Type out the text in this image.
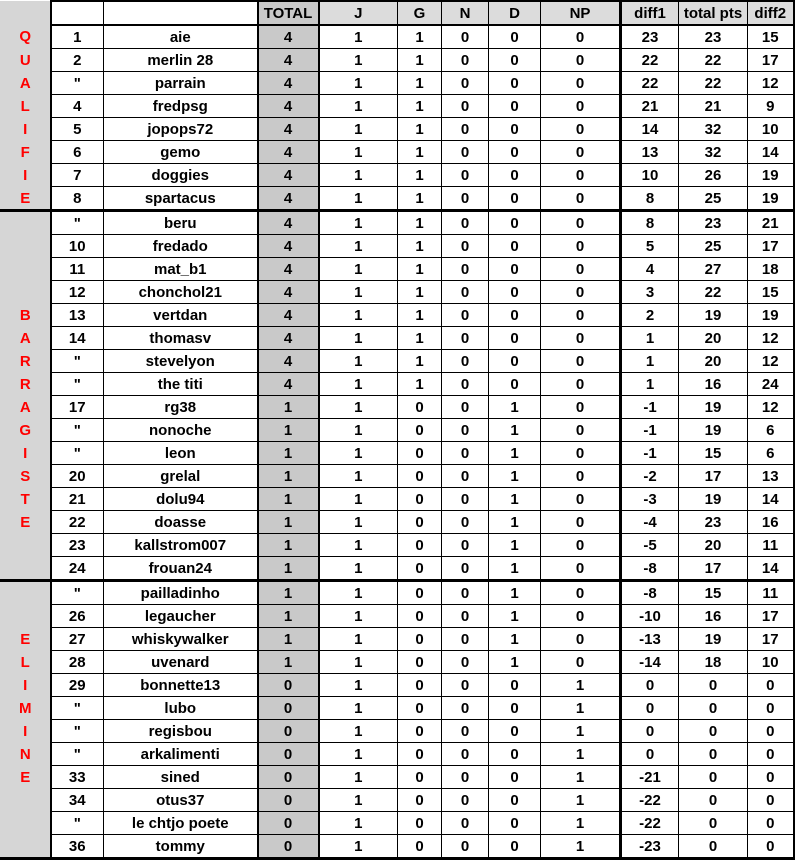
			TOTAL	J	G	N	D	NP	diff1	total pts	diff2
Q	1	aie	4	1	1	0	0	0	23	23	15
U	2	merlin 28	4	1	1	0	0	0	22	22	17
A	"	parrain	4	1	1	0	0	0	22	22	12
L	4	fredpsg	4	1	1	0	0	0	21	21	9
I	5	jopops72	4	1	1	0	0	0	14	32	10
F	6	gemo	4	1	1	0	0	0	13	32	14
I	7	doggies	4	1	1	0	0	0	10	26	19
E	8	spartacus	4	1	1	0	0	0	8	25	19
	"	beru	4	1	1	0	0	0	8	23	21
	10	fredado	4	1	1	0	0	0	5	25	17
	11	mat_b1	4	1	1	0	0	0	4	27	18
	12	chonchol21	4	1	1	0	0	0	3	22	15
B	13	vertdan	4	1	1	0	0	0	2	19	19
A	14	thomasv	4	1	1	0	0	0	1	20	12
R	"	stevelyon	4	1	1	0	0	0	1	20	12
R	"	the titi	4	1	1	0	0	0	1	16	24
A	17	rg38	1	1	0	0	1	0	-1	19	12
G	"	nonoche	1	1	0	0	1	0	-1	19	6
I	"	leon	1	1	0	0	1	0	-1	15	6
S	20	grelal	1	1	0	0	1	0	-2	17	13
T	21	dolu94	1	1	0	0	1	0	-3	19	14
E	22	doasse	1	1	0	0	1	0	-4	23	16
	23	kallstrom007	1	1	0	0	1	0	-5	20	11
	24	frouan24	1	1	0	0	1	0	-8	17	14
	"	pailladinho	1	1	0	0	1	0	-8	15	11
	26	legaucher	1	1	0	0	1	0	-10	16	17
E	27	whiskywalker	1	1	0	0	1	0	-13	19	17
L	28	uvenard	1	1	0	0	1	0	-14	18	10
I	29	bonnette13	0	1	0	0	0	1	0	0	0
M	"	lubo	0	1	0	0	0	1	0	0	0
I	"	regisbou	0	1	0	0	0	1	0	0	0
N	"	arkalimenti	0	1	0	0	0	1	0	0	0
E	33	sined	0	1	0	0	0	1	-21	0	0
	34	otus37	0	1	0	0	0	1	-22	0	0
	"	le chtjo poete	0	1	0	0	0	1	-22	0	0
	36	tommy	0	1	0	0	0	1	-23	0	0
